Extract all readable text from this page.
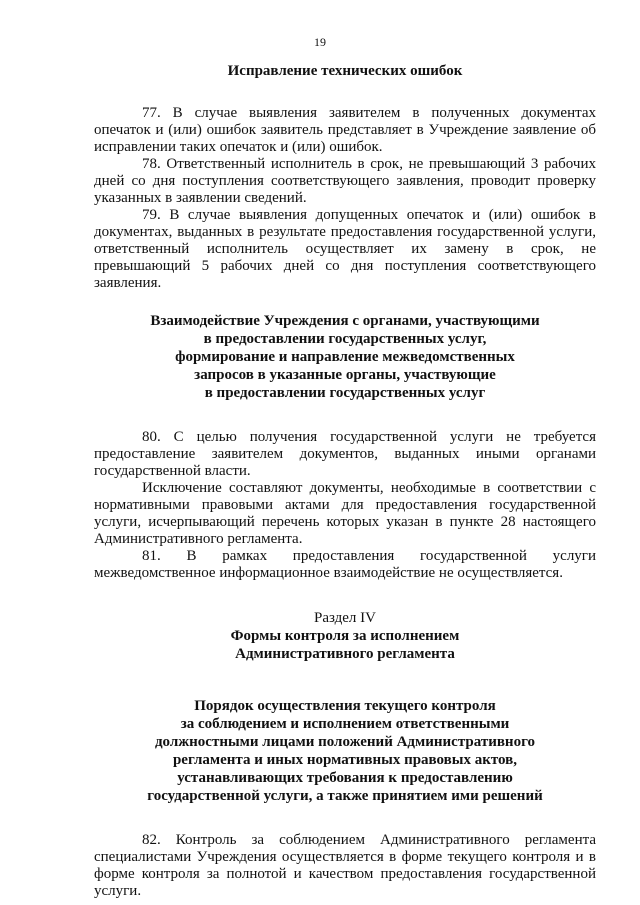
19
Исправление технических ошибок

77. В случае выявления заявителем в полученных документах опечаток и (или) ошибок заявитель представляет в Учреждение заявление об исправлении таких опечаток и (или) ошибок.

78. Ответственный исполнитель в срок, не превышающий 3 рабочих дней со дня поступления соответствующего заявления, проводит проверку указанных в заявлении сведений.

79. В случае выявления допущенных опечаток и (или) ошибок в документах, выданных в результате предоставления государственной услуги, ответственный исполнитель осуществляет их замену в срок, не превышающий 5 рабочих дней со дня поступления соответствующего заявления.

Взаимодействие Учреждения с органами, участвующими
в предоставлении государственных услуг,
формирование и направление межведомственных
запросов в указанные органы, участвующие
в предоставлении государственных услуг

80. С целью получения государственной услуги не требуется предоставление заявителем документов, выданных иными органами государственной власти.

Исключение составляют документы, необходимые в соответствии с нормативными правовыми актами для предоставления государственной услуги, исчерпывающий перечень которых указан в пункте 28 настоящего Административного регламента.

81. В рамках предоставления государственной услуги межведомственное информационное взаимодействие не осуществляется.

Раздел IV
Формы контроля за исполнением
Административного регламента
Порядок осуществления текущего контроля
за соблюдением и исполнением ответственными
должностными лицами положений Административного
регламента и иных нормативных правовых актов,
устанавливающих требования к предоставлению
государственной услуги, а также принятием ими решений

82. Контроль за соблюдением Административного регламента специалистами Учреждения осуществляется в форме текущего контроля и в форме контроля за полнотой и качеством предоставления государственной услуги.
